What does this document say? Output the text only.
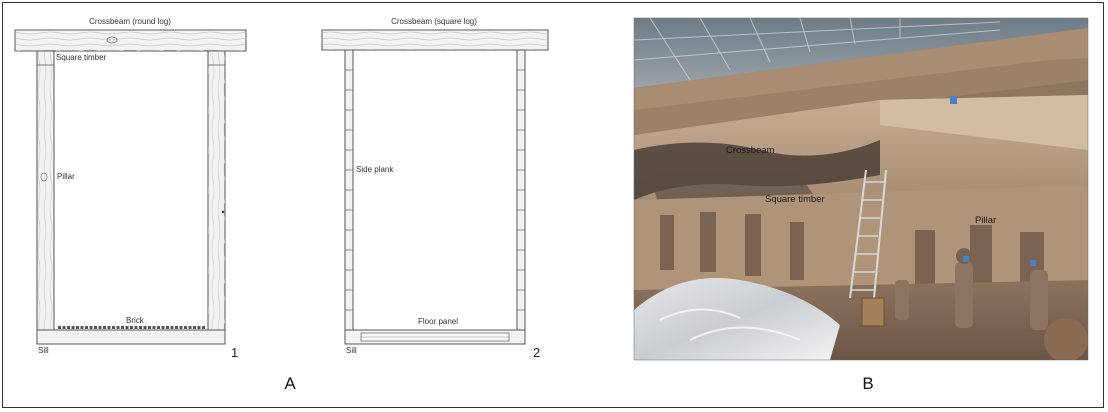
Crossbeam (round log)
Square timber
Pillar
Brick
Sill	1
Crossbeam (square log)
Side plank
Floor panel
Sill	2
A
Crossbeam
Square timber
Pillar
B
